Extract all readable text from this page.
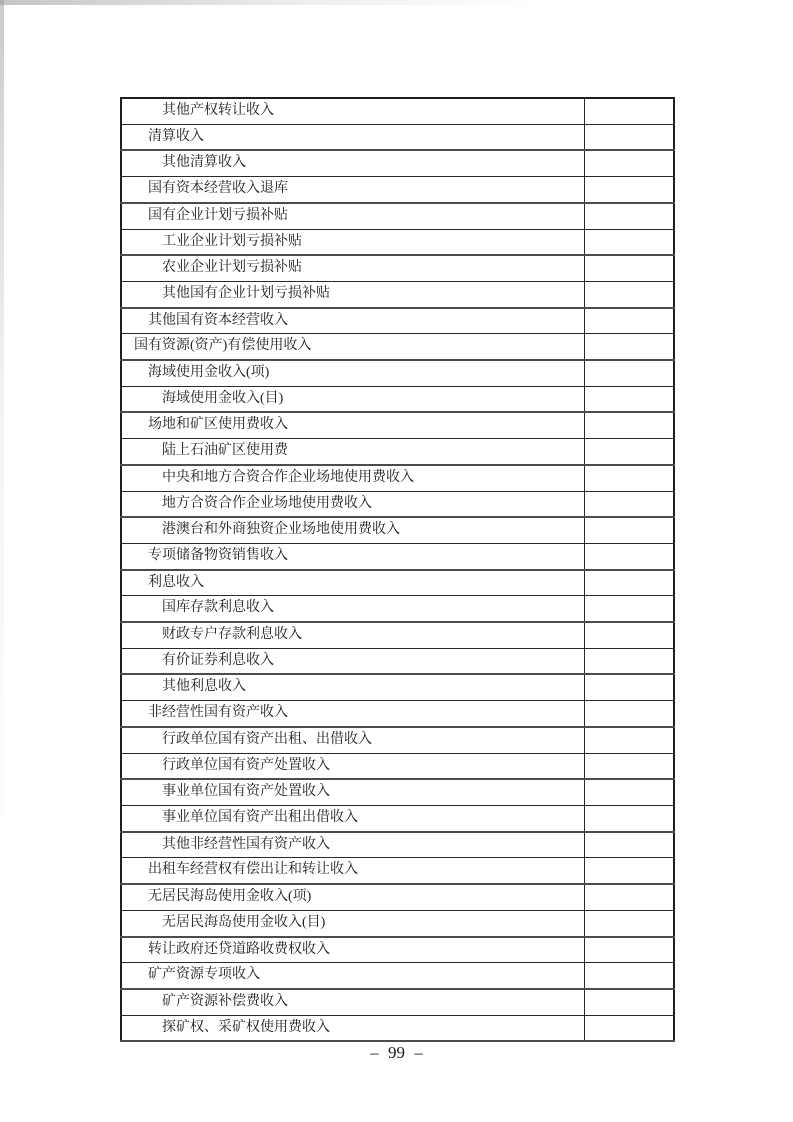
其他产权转让收入	
清算收入	
其他清算收入	
国有资本经营收入退库	
国有企业计划亏损补贴	
工业企业计划亏损补贴	
农业企业计划亏损补贴	
其他国有企业计划亏损补贴	
其他国有资本经营收入	
国有资源(资产)有偿使用收入	
海域使用金收入(项)	
海域使用金收入(目)	
场地和矿区使用费收入	
陆上石油矿区使用费	
中央和地方合资合作企业场地使用费收入	
地方合资合作企业场地使用费收入	
港澳台和外商独资企业场地使用费收入	
专项储备物资销售收入	
利息收入	
国库存款利息收入	
财政专户存款利息收入	
有价证券利息收入	
其他利息收入	
非经营性国有资产收入	
行政单位国有资产出租、出借收入	
行政单位国有资产处置收入	
事业单位国有资产处置收入	
事业单位国有资产出租出借收入	
其他非经营性国有资产收入	
出租车经营权有偿出让和转让收入	
无居民海岛使用金收入(项)	
无居民海岛使用金收入(目)	
转让政府还贷道路收费权收入	
矿产资源专项收入	
矿产资源补偿费收入	
探矿权、采矿权使用费收入	
– 99 –
